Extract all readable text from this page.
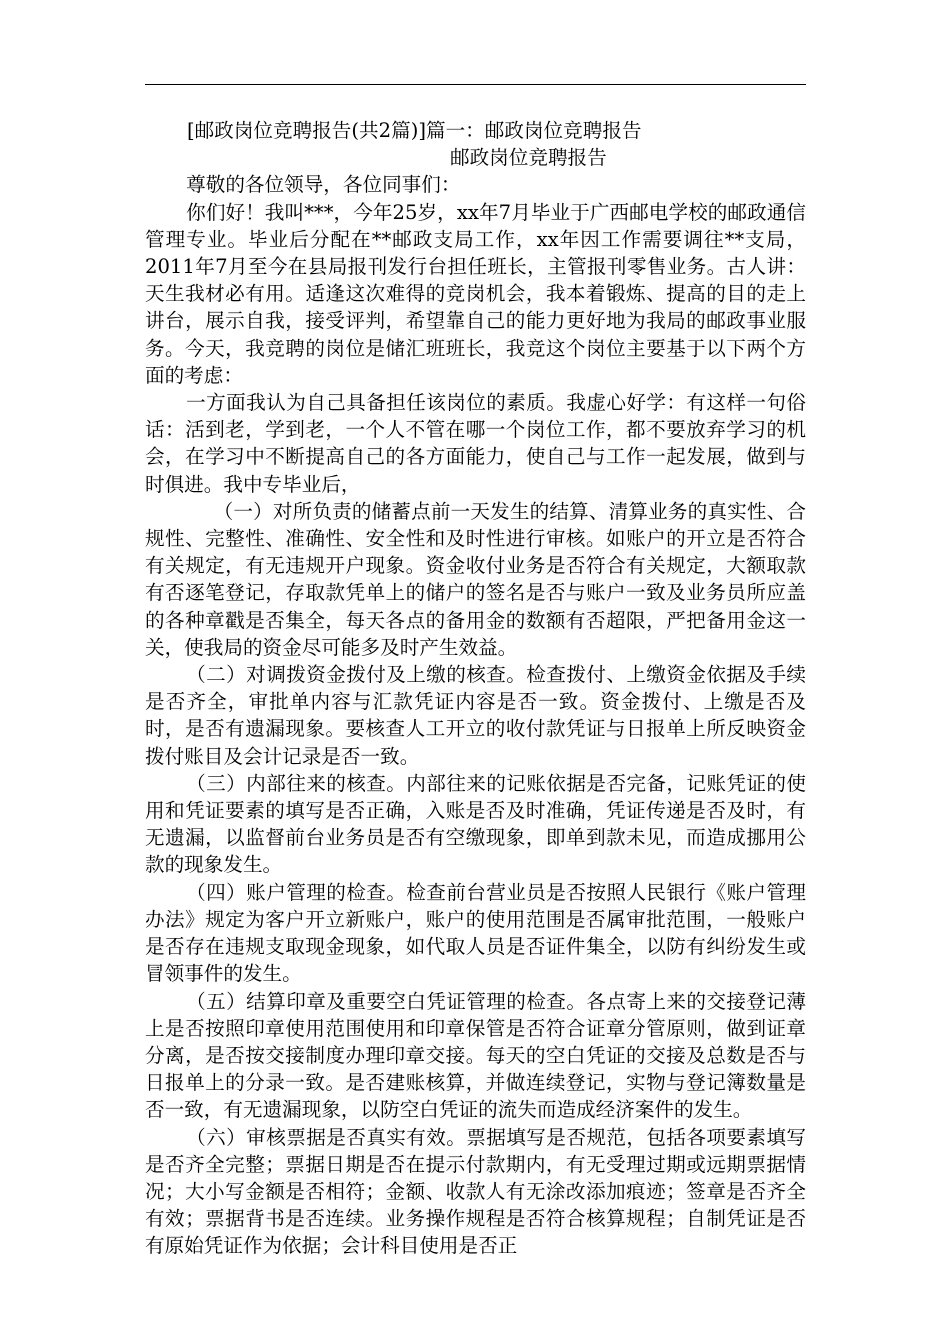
[邮政岗位竞聘报告(共2篇)]篇一：邮政岗位竞聘报告

邮政岗位竞聘报告

尊敬的各位领导，各位同事们：

你们好！我叫***，今年25岁，xx年7月毕业于广西邮电学校的邮政通信管理专业。毕业后分配在**邮政支局工作，xx年因工作需要调往**支局，2011年7月至今在县局报刊发行台担任班长，主管报刊零售业务。古人讲：天生我材必有用。适逢这次难得的竞岗机会，我本着锻炼、提高的目的走上讲台，展示自我，接受评判，希望靠自己的能力更好地为我局的邮政事业服务。今天，我竞聘的岗位是储汇班班长，我竞这个岗位主要基于以下两个方面的考虑：

一方面我认为自己具备担任该岗位的素质。我虚心好学：有这样一句俗话：活到老，学到老，一个人不管在哪一个岗位工作，都不要放弃学习的机会，在学习中不断提高自己的各方面能力，使自己与工作一起发展，做到与时俱进。我中专毕业后，

（一）对所负责的储蓄点前一天发生的结算、清算业务的真实性、合规性、完整性、准确性、安全性和及时性进行审核。如账户的开立是否符合有关规定，有无违规开户现象。资金收付业务是否符合有关规定，大额取款有否逐笔登记，存取款凭单上的储户的签名是否与账户一致及业务员所应盖的各种章戳是否集全，每天各点的备用金的数额有否超限，严把备用金这一关，使我局的资金尽可能多及时产生效益。

（二）对调拨资金拨付及上缴的核查。检查拨付、上缴资金依据及手续是否齐全，审批单内容与汇款凭证内容是否一致。资金拨付、上缴是否及时，是否有遗漏现象。要核查人工开立的收付款凭证与日报单上所反映资金拨付账目及会计记录是否一致。

（三）内部往来的核查。内部往来的记账依据是否完备，记账凭证的使用和凭证要素的填写是否正确，入账是否及时准确，凭证传递是否及时，有无遗漏，以监督前台业务员是否有空缴现象，即单到款未见，而造成挪用公款的现象发生。

（四）账户管理的检查。检查前台营业员是否按照人民银行《账户管理办法》规定为客户开立新账户，账户的使用范围是否属审批范围，一般账户是否存在违规支取现金现象，如代取人员是否证件集全，以防有纠纷发生或冒领事件的发生。

（五）结算印章及重要空白凭证管理的检查。各点寄上来的交接登记薄上是否按照印章使用范围使用和印章保管是否符合证章分管原则，做到证章分离，是否按交接制度办理印章交接。每天的空白凭证的交接及总数是否与日报单上的分录一致。是否建账核算，并做连续登记，实物与登记簿数量是否一致，有无遗漏现象，以防空白凭证的流失而造成经济案件的发生。

（六）审核票据是否真实有效。票据填写是否规范，包括各项要素填写是否齐全完整；票据日期是否在提示付款期内，有无受理过期或远期票据情况；大小写金额是否相符；金额、收款人有无涂改添加痕迹；签章是否齐全有效；票据背书是否连续。业务操作规程是否符合核算规程；自制凭证是否有原始凭证作为依据；会计科目使用是否正
